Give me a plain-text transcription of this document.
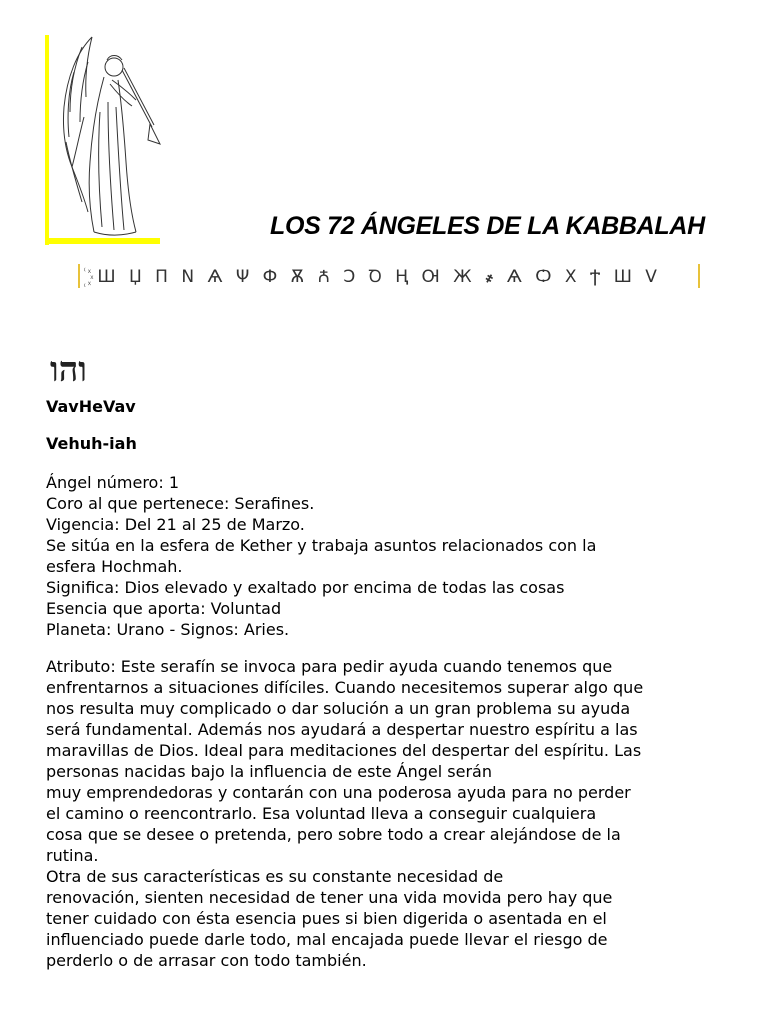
LOS 72 ÁNGELES DE LA KABBALAH
꙰ Ш Џ П N Ѧ Ψ Ф Ѫ Ꙉ Ͻ Ꝺ Ң Ꙕ Ж ҂ Ѧ Ѻ Х Ϯ Ш V
והו
VavHeVav
Vehuh-iah
Ángel número: 1
Coro al que pertenece: Serafines.
Vigencia: Del 21 al 25 de Marzo.
Se sitúa en la esfera de Kether y trabaja asuntos relacionados con la
esfera Hochmah.
Significa: Dios elevado y exaltado por encima de todas las cosas
Esencia que aporta: Voluntad
Planeta: Urano - Signos: Aries.
Atributo: Este serafín se invoca para pedir ayuda cuando tenemos que
enfrentarnos a situaciones difíciles. Cuando necesitemos superar algo que
nos resulta muy complicado o dar solución a un gran problema su ayuda
será fundamental. Además nos ayudará a despertar nuestro espíritu a las
maravillas de Dios. Ideal para meditaciones del despertar del espíritu. Las
personas nacidas bajo la influencia de este Ángel serán
muy emprendedoras y contarán con una poderosa ayuda para no perder
el camino o reencontrarlo. Esa voluntad lleva a conseguir cualquiera
cosa que se desee o pretenda, pero sobre todo a crear alejándose de la
rutina.
Otra de sus características es su constante necesidad de
renovación, sienten necesidad de tener una vida movida pero hay que
tener cuidado con ésta esencia pues si bien digerida o asentada en el
influenciado puede darle todo, mal encajada puede llevar el riesgo de
perderlo o de arrasar con todo también.
